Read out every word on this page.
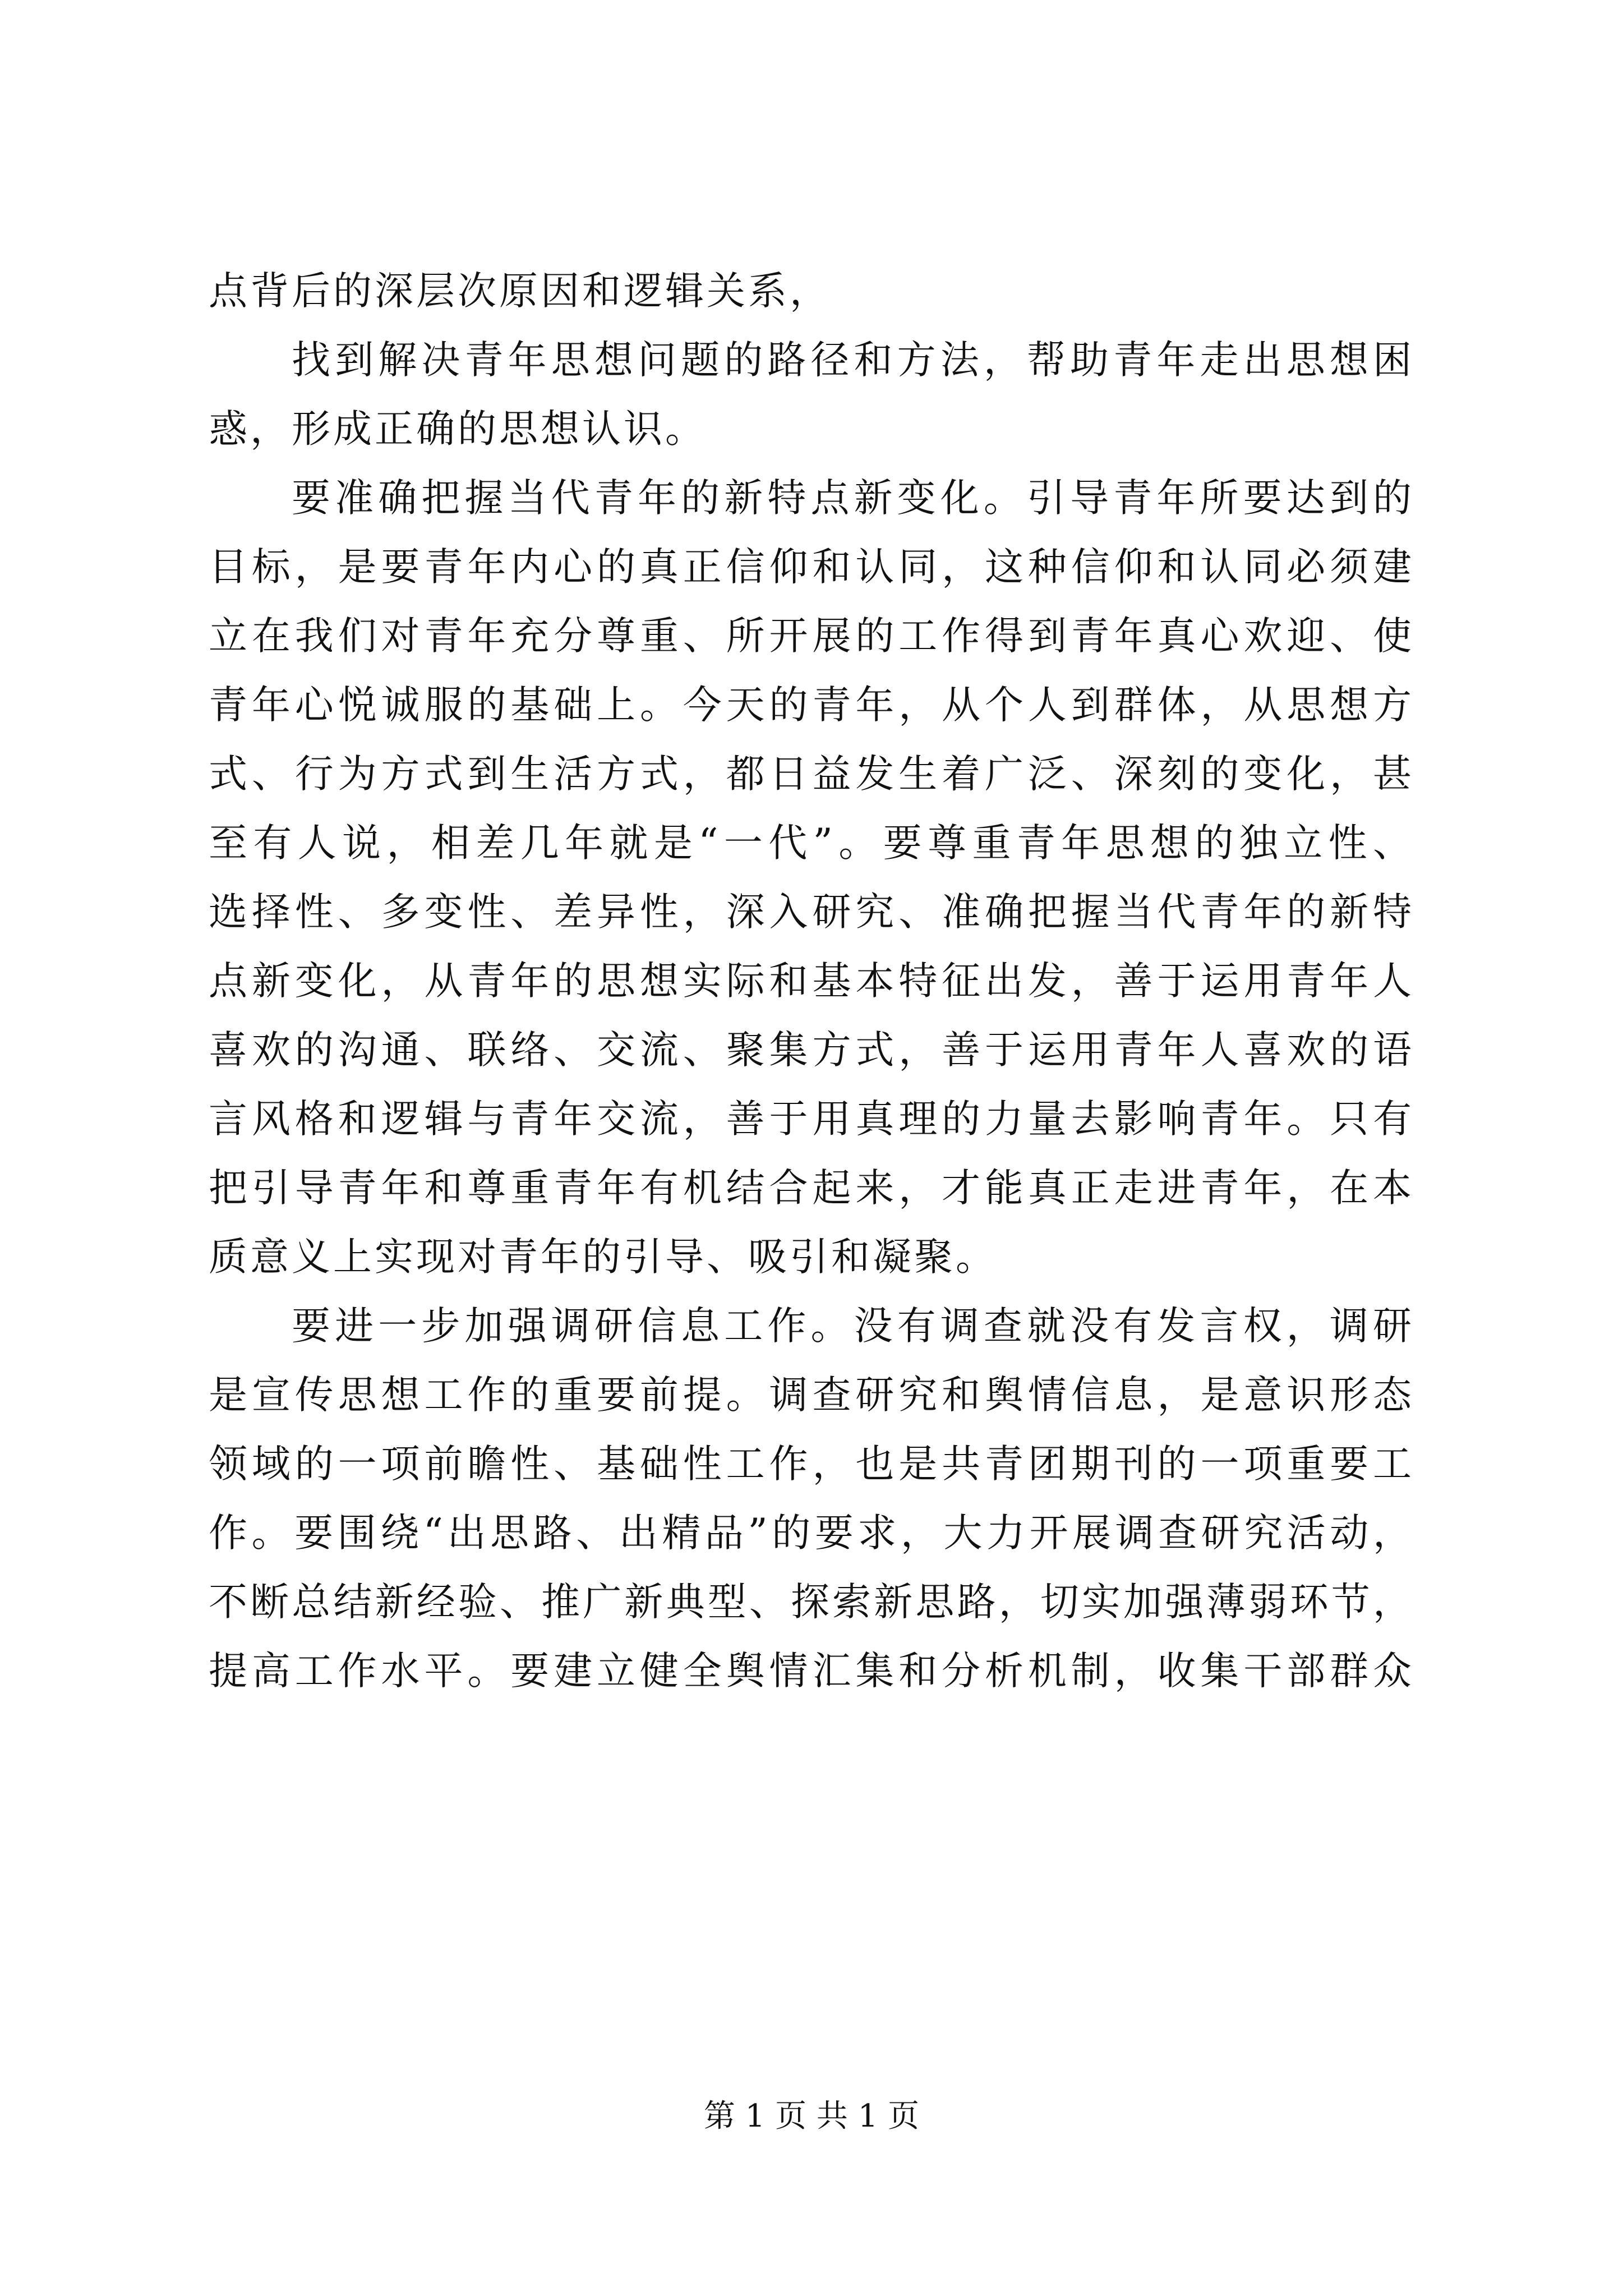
点背后的深层次原因和逻辑关系，
找到解决青年思想问题的路径和方法，帮助青年走出思想困
惑，形成正确的思想认识。
要准确把握当代青年的新特点新变化。引导青年所要达到的
目标，是要青年内心的真正信仰和认同，这种信仰和认同必须建
立在我们对青年充分尊重、所开展的工作得到青年真心欢迎、使
青年心悦诚服的基础上。今天的青年，从个人到群体，从思想方
式、行为方式到生活方式，都日益发生着广泛、深刻的变化，甚
至有人说，相差几年就是“一代”。要尊重青年思想的独立性、
选择性、多变性、差异性，深入研究、准确把握当代青年的新特
点新变化，从青年的思想实际和基本特征出发，善于运用青年人
喜欢的沟通、联络、交流、聚集方式，善于运用青年人喜欢的语
言风格和逻辑与青年交流，善于用真理的力量去影响青年。只有
把引导青年和尊重青年有机结合起来，才能真正走进青年，在本
质意义上实现对青年的引导、吸引和凝聚。
要进一步加强调研信息工作。没有调查就没有发言权，调研
是宣传思想工作的重要前提。调查研究和舆情信息，是意识形态
领域的一项前瞻性、基础性工作，也是共青团期刊的一项重要工
作。要围绕“出思路、出精品”的要求，大力开展调查研究活动，
不断总结新经验、推广新典型、探索新思路，切实加强薄弱环节，
提高工作水平。要建立健全舆情汇集和分析机制，收集干部群众
第 1 页 共 1 页
